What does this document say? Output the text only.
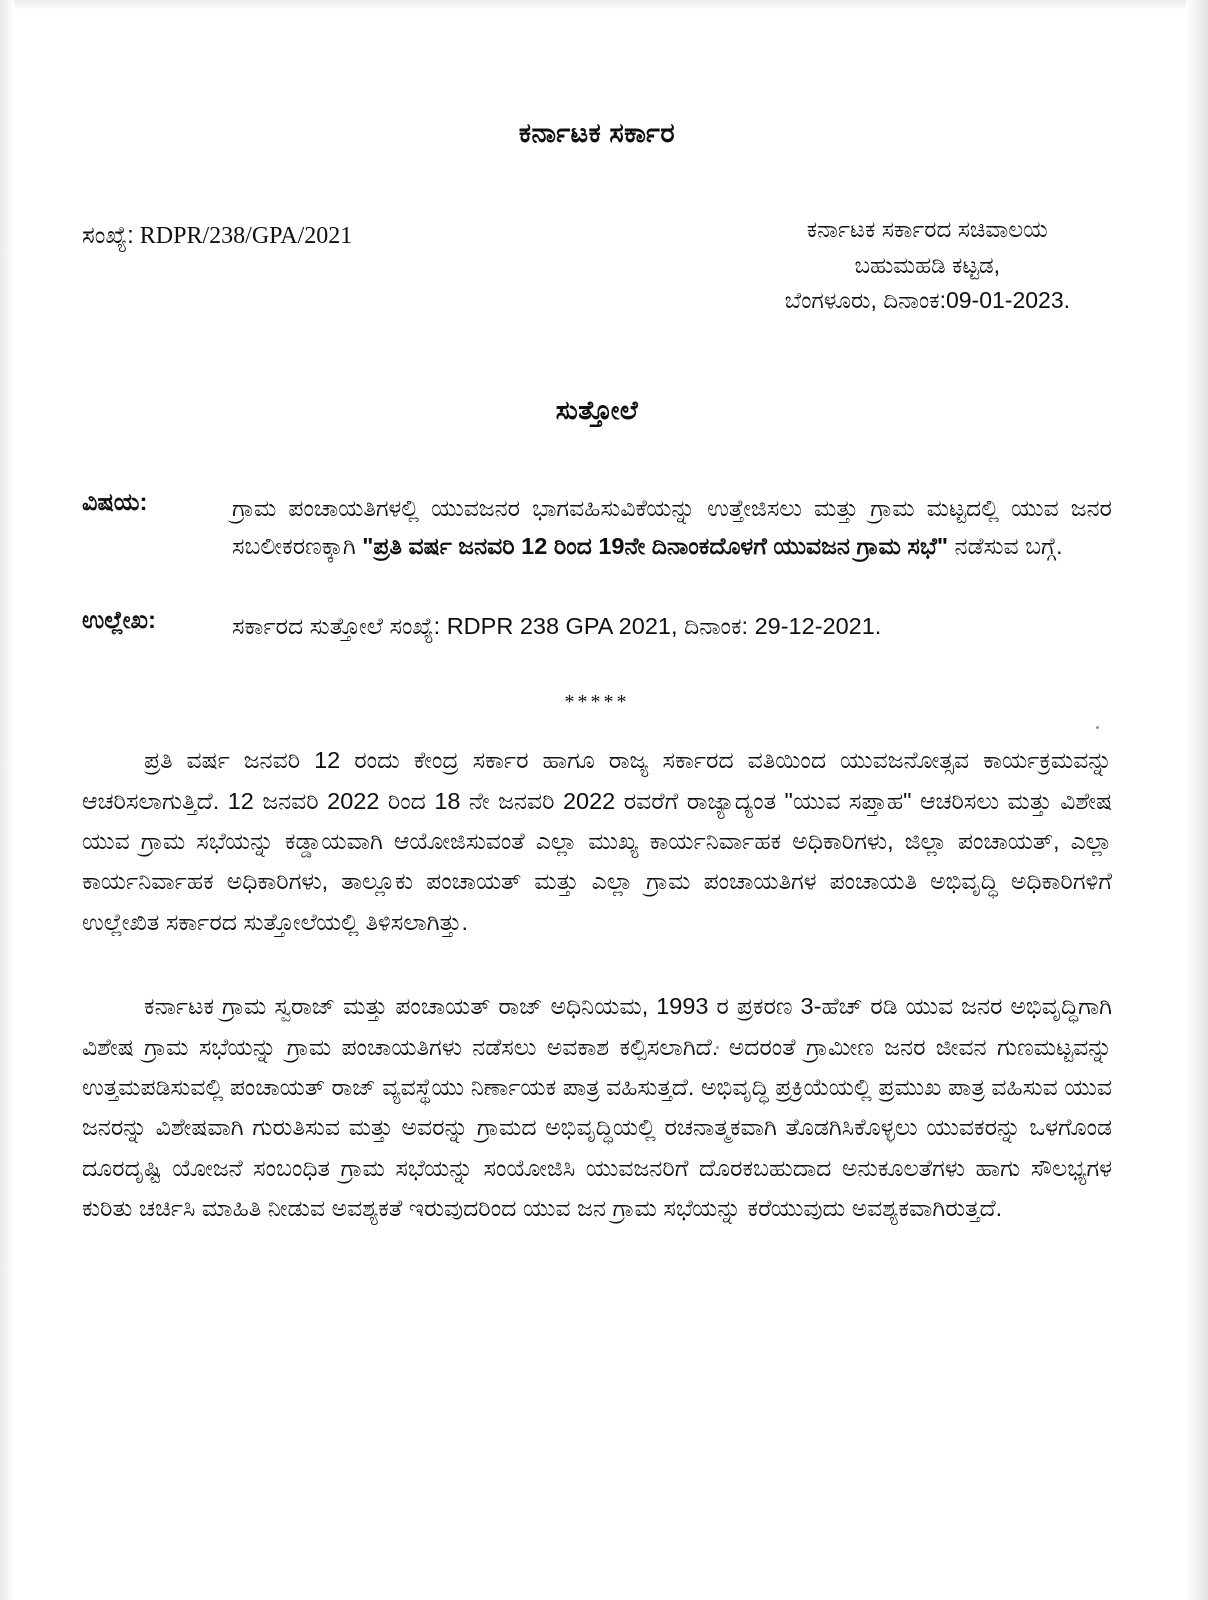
ಕರ್ನಾಟಕ ಸರ್ಕಾರ
ಸಂಖ್ಯೆ: RDPR/238/GPA/2021	ಕರ್ನಾಟಕ ಸರ್ಕಾರದ ಸಚಿವಾಲಯ
ಬಹುಮಹಡಿ ಕಟ್ಟಡ,
ಬೆಂಗಳೂರು, ದಿನಾಂಕ:09-01-2023.
ಸುತ್ತೋಲೆ
ವಿಷಯ:	ಗ್ರಾಮ ಪಂಚಾಯತಿಗಳಲ್ಲಿ ಯುವಜನರ ಭಾಗವಹಿಸುವಿಕೆಯನ್ನು ಉತ್ತೇಜಿಸಲು ಮತ್ತು ಗ್ರಾಮ ಮಟ್ಟದಲ್ಲಿ ಯುವ ಜನರ ಸಬಲೀಕರಣಕ್ಕಾಗಿ "ಪ್ರತಿ ವರ್ಷ ಜನವರಿ 12 ರಿಂದ 19ನೇ ದಿನಾಂಕದೊಳಗೆ ಯುವಜನ ಗ್ರಾಮ ಸಭೆ" ನಡೆಸುವ ಬಗ್ಗೆ.
ಉಲ್ಲೇಖ:	ಸರ್ಕಾರದ ಸುತ್ತೋಲೆ ಸಂಖ್ಯೆ: RDPR 238 GPA 2021, ದಿನಾಂಕ: 29-12-2021.
*****
ಪ್ರತಿ ವರ್ಷ ಜನವರಿ 12 ರಂದು ಕೇಂದ್ರ ಸರ್ಕಾರ ಹಾಗೂ ರಾಜ್ಯ ಸರ್ಕಾರದ ವತಿಯಿಂದ ಯುವಜನೋತ್ಸವ ಕಾರ್ಯಕ್ರಮವನ್ನು ಆಚರಿಸಲಾಗುತ್ತಿದೆ. 12 ಜನವರಿ 2022 ರಿಂದ 18 ನೇ ಜನವರಿ 2022 ರವರೆಗೆ ರಾಜ್ಯಾದ್ಯಂತ "ಯುವ ಸಪ್ತಾಹ" ಆಚರಿಸಲು ಮತ್ತು ವಿಶೇಷ ಯುವ ಗ್ರಾಮ ಸಭೆಯನ್ನು ಕಡ್ಡಾಯವಾಗಿ ಆಯೋಜಿಸುವಂತೆ ಎಲ್ಲಾ ಮುಖ್ಯ ಕಾರ್ಯನಿರ್ವಾಹಕ ಅಧಿಕಾರಿಗಳು, ಜಿಲ್ಲಾ ಪಂಚಾಯತ್, ಎಲ್ಲಾ ಕಾರ್ಯನಿರ್ವಾಹಕ ಅಧಿಕಾರಿಗಳು, ತಾಲ್ಲೂಕು ಪಂಚಾಯತ್ ಮತ್ತು ಎಲ್ಲಾ ಗ್ರಾಮ ಪಂಚಾಯತಿಗಳ ಪಂಚಾಯತಿ ಅಭಿವೃದ್ಧಿ ಅಧಿಕಾರಿಗಳಿಗೆ ಉಲ್ಲೇಖಿತ ಸರ್ಕಾರದ ಸುತ್ತೋಲೆಯಲ್ಲಿ ತಿಳಿಸಲಾಗಿತ್ತು.
ಕರ್ನಾಟಕ ಗ್ರಾಮ ಸ್ವರಾಜ್ ಮತ್ತು ಪಂಚಾಯತ್ ರಾಜ್ ಅಧಿನಿಯಮ, 1993 ರ ಪ್ರಕರಣ 3-ಹೆಚ್ ರಡಿ ಯುವ ಜನರ ಅಭಿವೃದ್ಧಿಗಾಗಿ ವಿಶೇಷ ಗ್ರಾಮ ಸಭೆಯನ್ನು ಗ್ರಾಮ ಪಂಚಾಯತಿಗಳು ನಡೆಸಲು ಅವಕಾಶ ಕಲ್ಪಿಸಲಾಗಿದೆ. ಅದರಂತೆ ಗ್ರಾಮೀಣ ಜನರ ಜೀವನ ಗುಣಮಟ್ಟವನ್ನು ಉತ್ತಮಪಡಿಸುವಲ್ಲಿ ಪಂಚಾಯತ್ ರಾಜ್ ವ್ಯವಸ್ಥೆಯು ನಿರ್ಣಾಯಕ ಪಾತ್ರ ವಹಿಸುತ್ತದೆ. ಅಭಿವೃದ್ಧಿ ಪ್ರಕ್ರಿಯೆಯಲ್ಲಿ ಪ್ರಮುಖ ಪಾತ್ರ ವಹಿಸುವ ಯುವ ಜನರನ್ನು ವಿಶೇಷವಾಗಿ ಗುರುತಿಸುವ ಮತ್ತು ಅವರನ್ನು ಗ್ರಾಮದ ಅಭಿವೃದ್ಧಿಯಲ್ಲಿ ರಚನಾತ್ಮಕವಾಗಿ ತೊಡಗಿಸಿಕೊಳ್ಳಲು ಯುವಕರನ್ನು ಒಳಗೊಂಡ ದೂರದೃಷ್ಟಿ ಯೋಜನೆ ಸಂಬಂಧಿತ ಗ್ರಾಮ ಸಭೆಯನ್ನು ಸಂಯೋಜಿಸಿ ಯುವಜನರಿಗೆ ದೊರಕಬಹುದಾದ ಅನುಕೂಲತೆಗಳು ಹಾಗು ಸೌಲಭ್ಯಗಳ ಕುರಿತು ಚರ್ಚಿಸಿ ಮಾಹಿತಿ ನೀಡುವ ಅವಶ್ಯಕತೆ ಇರುವುದರಿಂದ ಯುವ ಜನ ಗ್ರಾಮ ಸಭೆಯನ್ನು ಕರೆಯುವುದು ಅವಶ್ಯಕವಾಗಿರುತ್ತದೆ.
